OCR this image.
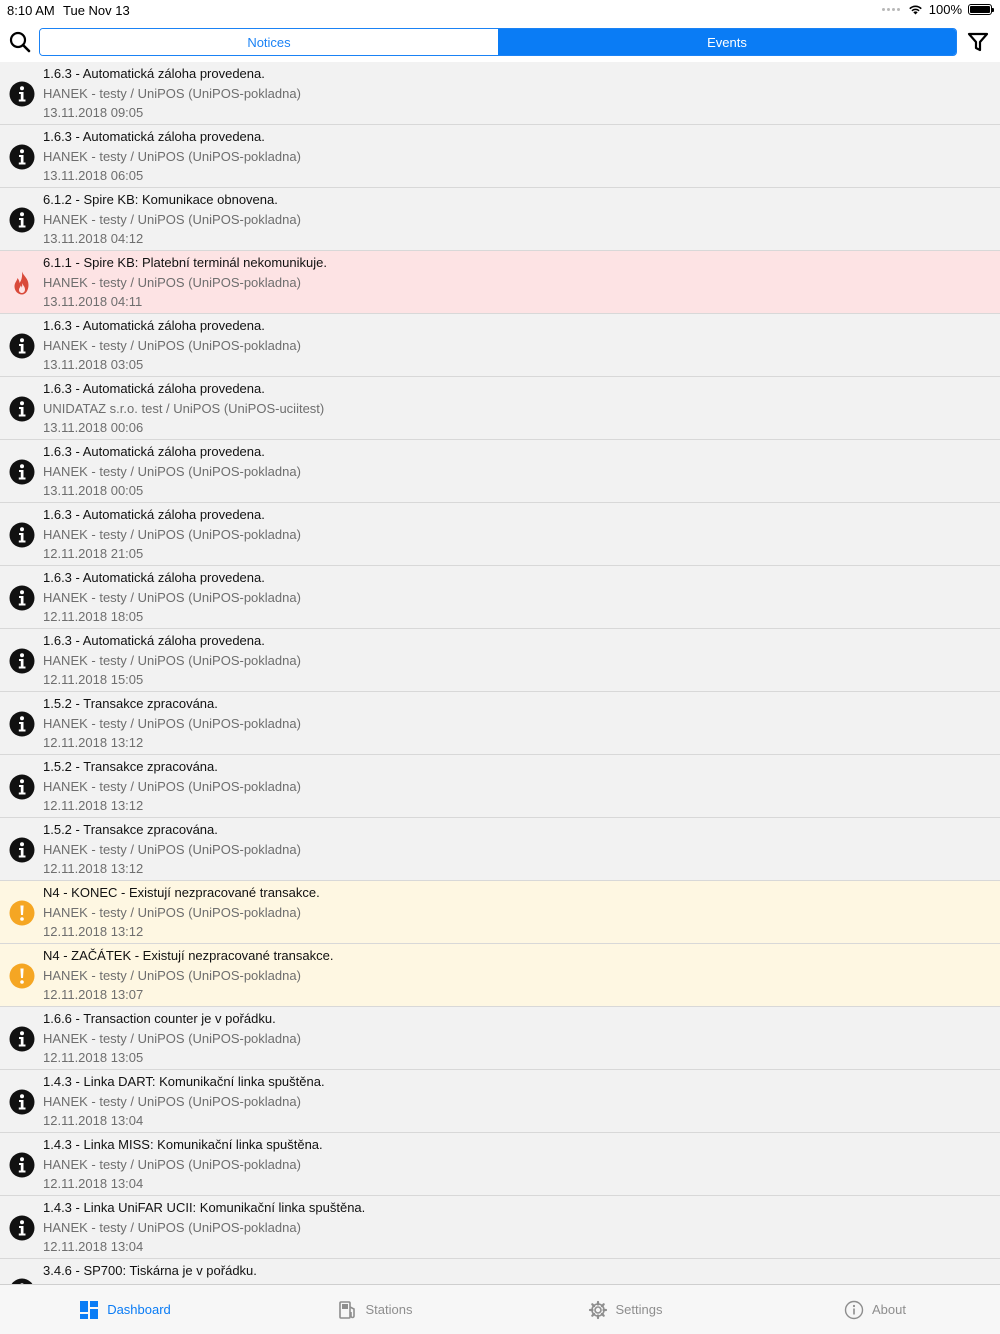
8:10 AM Tue Nov 13	100%
Notices	Events
1.6.3 - Automatická záloha provedena.
HANEK - testy / UniPOS (UniPOS-pokladna)
13.11.2018 09:05
1.6.3 - Automatická záloha provedena.
HANEK - testy / UniPOS (UniPOS-pokladna)
13.11.2018 06:05
6.1.2 - Spire KB: Komunikace obnovena.
HANEK - testy / UniPOS (UniPOS-pokladna)
13.11.2018 04:12
6.1.1 - Spire KB: Platební terminál nekomunikuje.
HANEK - testy / UniPOS (UniPOS-pokladna)
13.11.2018 04:11
1.6.3 - Automatická záloha provedena.
HANEK - testy / UniPOS (UniPOS-pokladna)
13.11.2018 03:05
1.6.3 - Automatická záloha provedena.
UNIDATAZ s.r.o. test / UniPOS (UniPOS-uciitest)
13.11.2018 00:06
1.6.3 - Automatická záloha provedena.
HANEK - testy / UniPOS (UniPOS-pokladna)
13.11.2018 00:05
1.6.3 - Automatická záloha provedena.
HANEK - testy / UniPOS (UniPOS-pokladna)
12.11.2018 21:05
1.6.3 - Automatická záloha provedena.
HANEK - testy / UniPOS (UniPOS-pokladna)
12.11.2018 18:05
1.6.3 - Automatická záloha provedena.
HANEK - testy / UniPOS (UniPOS-pokladna)
12.11.2018 15:05
1.5.2 - Transakce zpracována.
HANEK - testy / UniPOS (UniPOS-pokladna)
12.11.2018 13:12
1.5.2 - Transakce zpracována.
HANEK - testy / UniPOS (UniPOS-pokladna)
12.11.2018 13:12
1.5.2 - Transakce zpracována.
HANEK - testy / UniPOS (UniPOS-pokladna)
12.11.2018 13:12
N4 - KONEC - Existují nezpracované transakce.
HANEK - testy / UniPOS (UniPOS-pokladna)
12.11.2018 13:12
N4 - ZAČÁTEK - Existují nezpracované transakce.
HANEK - testy / UniPOS (UniPOS-pokladna)
12.11.2018 13:07
1.6.6 - Transaction counter je v pořádku.
HANEK - testy / UniPOS (UniPOS-pokladna)
12.11.2018 13:05
1.4.3 - Linka DART: Komunikační linka spuštěna.
HANEK - testy / UniPOS (UniPOS-pokladna)
12.11.2018 13:04
1.4.3 - Linka MISS: Komunikační linka spuštěna.
HANEK - testy / UniPOS (UniPOS-pokladna)
12.11.2018 13:04
1.4.3 - Linka UniFAR UCII: Komunikační linka spuštěna.
HANEK - testy / UniPOS (UniPOS-pokladna)
12.11.2018 13:04
3.4.6 - SP700: Tiskárna je v pořádku.
Dashboard	Stations	Settings	About
